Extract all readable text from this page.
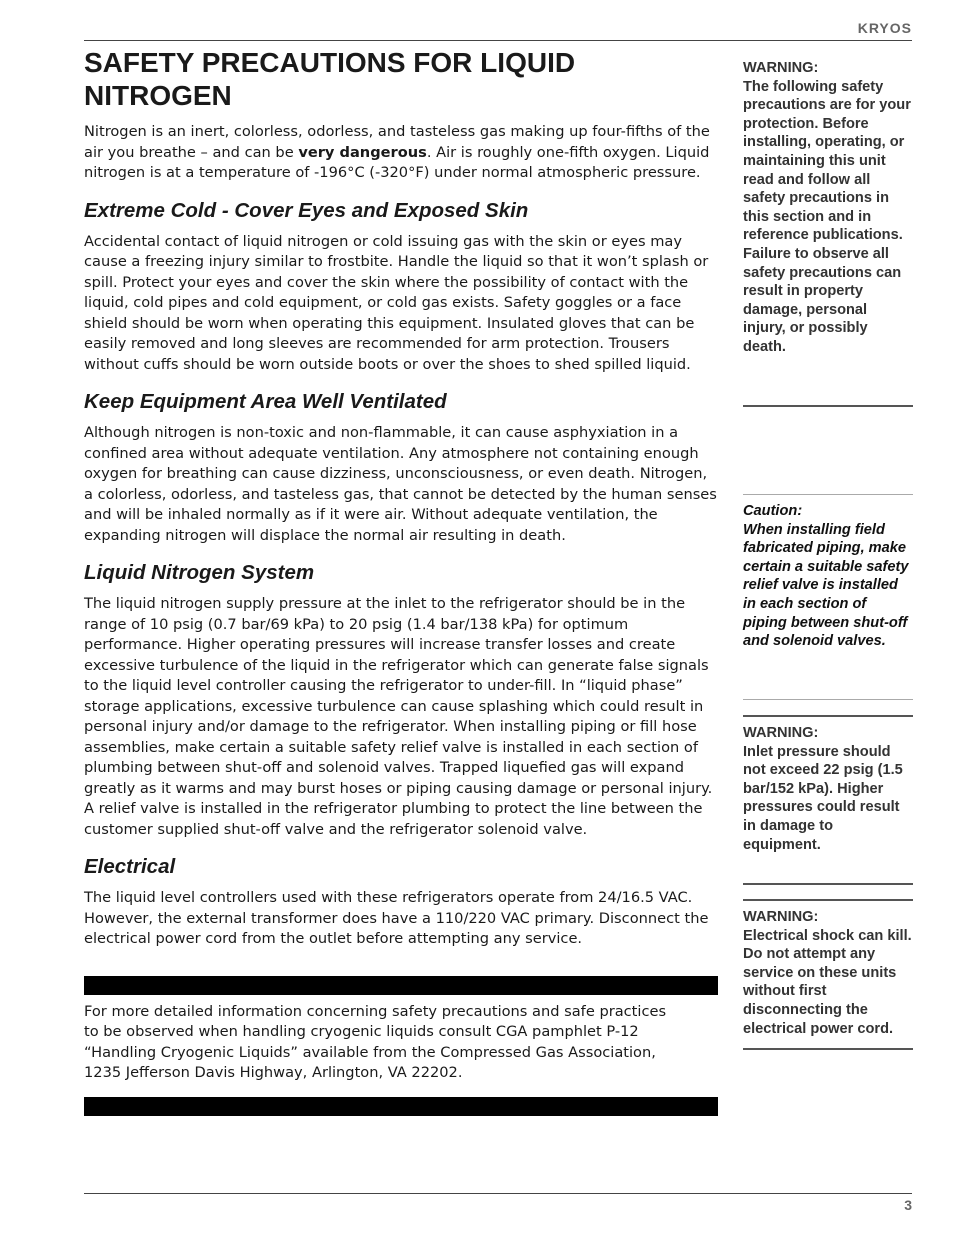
KRYOS
SAFETY PRECAUTIONS FOR LIQUID NITROGEN

Nitrogen is an inert, colorless, odorless, and tasteless gas making up four-fifths of the air you breathe – and can be very dangerous. Air is roughly one-fifth oxygen. Liquid nitrogen is at a temperature of -196°C (-320°F) under normal atmospheric pressure.

Extreme Cold - Cover Eyes and Exposed Skin

Accidental contact of liquid nitrogen or cold issuing gas with the skin or eyes may cause a freezing injury similar to frostbite. Handle the liquid so that it won’t splash or spill. Protect your eyes and cover the skin where the possibility of contact with the liquid, cold pipes and cold equipment, or cold gas exists. Safety goggles or a face shield should be worn when operating this equipment. Insulated gloves that can be easily removed and long sleeves are recommended for arm protection. Trousers without cuffs should be worn outside boots or over the shoes to shed spilled liquid.

Keep Equipment Area Well Ventilated

Although nitrogen is non-toxic and non-flammable, it can cause asphyxiation in a confined area without adequate ventilation. Any atmosphere not containing enough oxygen for breathing can cause dizziness, unconsciousness, or even death. Nitrogen, a colorless, odorless, and tasteless gas, that cannot be detected by the human senses and will be inhaled normally as if it were air. Without adequate ventilation, the expanding nitrogen will displace the normal air resulting in death.

Liquid Nitrogen System

The liquid nitrogen supply pressure at the inlet to the refrigerator should be in the range of 10 psig (0.7 bar/69 kPa) to 20 psig (1.4 bar/138 kPa) for optimum performance. Higher operating pressures will increase transfer losses and create excessive turbulence of the liquid in the refrigerator which can generate false signals to the liquid level controller causing the refrigerator to under-fill. In “liquid phase” storage applications, excessive turbulence can cause splashing which could result in personal injury and/or damage to the refrigerator. When installing piping or fill hose assemblies, make certain a suitable safety relief valve is installed in each section of plumbing between shut-off and solenoid valves. Trapped liquefied gas will expand greatly as it warms and may burst hoses or piping causing damage or personal injury. A relief valve is installed in the refrigerator plumbing to protect the line between the customer supplied shut-off valve and the refrigerator solenoid valve.

Electrical

The liquid level controllers used with these refrigerators operate from 24/16.5 VAC. However, the external transformer does have a 110/220 VAC primary. Disconnect the electrical power cord from the outlet before attempting any service.

For more detailed information concerning safety precautions and safe practices to be observed when handling cryogenic liquids consult CGA pamphlet P-12 “Handling Cryogenic Liquids” available from the Compressed Gas Association, 1235 Jefferson Davis Highway, Arlington, VA 22202.

WARNING:

The following safety precautions are for your protection. Before installing, operating, or maintaining this unit read and follow all safety precautions in this section and in reference publications. Failure to observe all safety precautions can result in property damage, personal injury, or possibly death.

Caution:

When installing field fabricated piping, make certain a suitable safety relief valve is installed in each section of piping between shut-off and solenoid valves.

WARNING:

Inlet pressure should not exceed 22 psig (1.5 bar/152 kPa). Higher pressures could result in damage to equipment.

WARNING:

Electrical shock can kill. Do not attempt any service on these units without first disconnecting the electrical power cord.

3
